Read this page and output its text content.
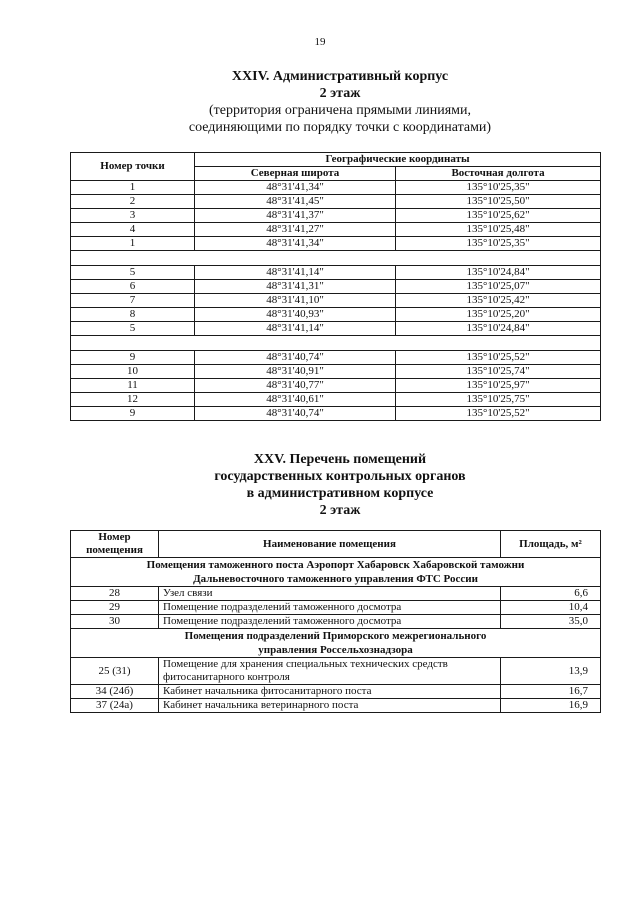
19
XXIV. Административный корпус
2 этаж
(территория ограничена прямыми линиями,
соединяющими по порядку точки с координатами)
Номер точки	Географические координаты	
	Северная широта	Восточная долгота
1	48°31'41,34"	135°10'25,35"
2	48°31'41,45"	135°10'25,50"
3	48°31'41,37"	135°10'25,62"
4	48°31'41,27"	135°10'25,48"
1	48°31'41,34"	135°10'25,35"

5	48°31'41,14"	135°10'24,84"
6	48°31'41,31"	135°10'25,07"
7	48°31'41,10"	135°10'25,42"
8	48°31'40,93"	135°10'25,20"
5	48°31'41,14"	135°10'24,84"

9	48°31'40,74"	135°10'25,52"
10	48°31'40,91"	135°10'25,74"
11	48°31'40,77"	135°10'25,97"
12	48°31'40,61"	135°10'25,75"
9	48°31'40,74"	135°10'25,52"
XXV. Перечень помещений
государственных контрольных органов
в административном корпусе
2 этаж
Номер
помещения	Наименование помещения	Площадь, м²

Помещения таможенного поста Аэропорт Хабаровск Хабаровской таможни
Дальневосточного таможенного управления ФТС России		

28	Узел связи	6,6
29	Помещение подразделений таможенного досмотра	10,4
30	Помещение подразделений таможенного досмотра	35,0

Помещения подразделений Приморского межрегионального
управления Россельхознадзора		

25 (31)	Помещение для хранения специальных технических средств
фитосанитарного контроля	13,9
34 (24б)	Кабинет начальника фитосанитарного поста	16,7
37 (24а)	Кабинет начальника ветеринарного поста	16,9
